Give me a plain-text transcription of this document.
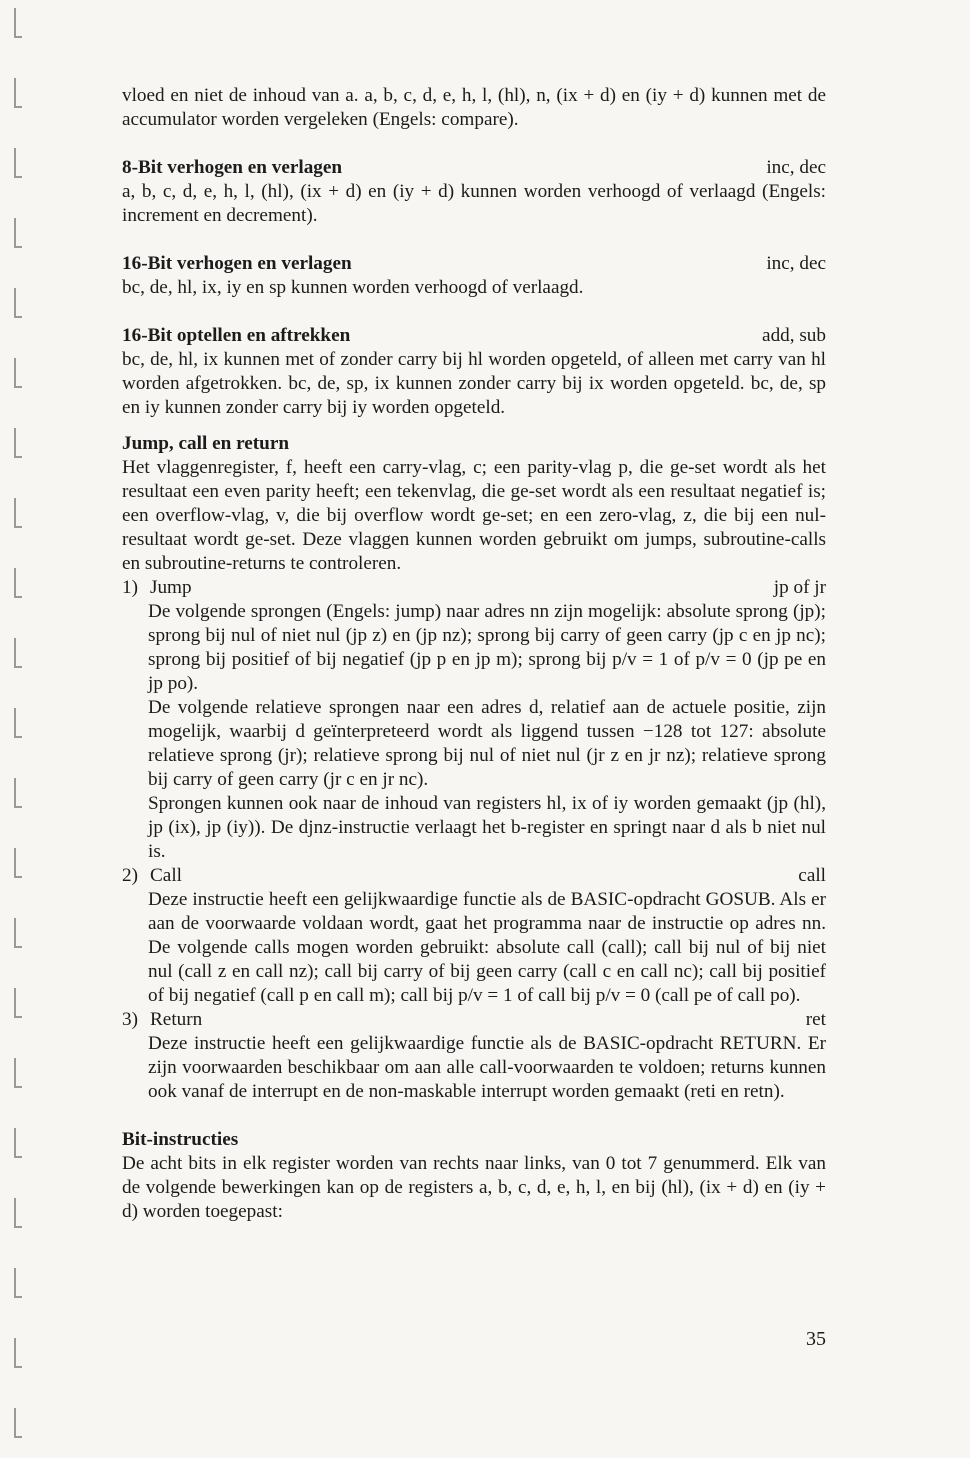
vloed en niet de inhoud van a. a, b, c, d, e, h, l, (hl), n, (ix + d) en (iy + d) kunnen met de accumulator worden vergeleken (Engels: compare).

8-Bit verhogen en verlagen	inc, dec

a, b, c, d, e, h, l, (hl), (ix + d) en (iy + d) kunnen worden verhoogd of verlaagd (Engels: increment en decrement).

16-Bit verhogen en verlagen	inc, dec

bc, de, hl, ix, iy en sp kunnen worden verhoogd of verlaagd.

16-Bit optellen en aftrekken	add, sub

bc, de, hl, ix kunnen met of zonder carry bij hl worden opgeteld, of alleen met carry van hl worden afgetrokken. bc, de, sp, ix kunnen zonder carry bij ix worden opgeteld. bc, de, sp en iy kunnen zonder carry bij iy worden opgeteld.

Jump, call en return

Het vlaggenregister, f, heeft een carry-vlag, c; een parity-vlag p, die ge-set wordt als het resultaat een even parity heeft; een tekenvlag, die ge-set wordt als een resultaat negatief is; een overflow-vlag, v, die bij overflow wordt ge-set; en een zero-vlag, z, die bij een nul-resultaat wordt ge-set. Deze vlaggen kunnen worden gebruikt om jumps, subroutine-calls en subroutine-returns te controleren.

1) Jump	jp of jr

De volgende sprongen (Engels: jump) naar adres nn zijn mogelijk: absolute sprong (jp); sprong bij nul of niet nul (jp z) en (jp nz); sprong bij carry of geen carry (jp c en jp nc); sprong bij positief of bij negatief (jp p en jp m); sprong bij p/v = 1 of p/v = 0 (jp pe en jp po).

De volgende relatieve sprongen naar een adres d, relatief aan de actuele positie, zijn mogelijk, waarbij d geïnterpreteerd wordt als liggend tussen −128 tot 127: absolute relatieve sprong (jr); relatieve sprong bij nul of niet nul (jr z en jr nz); relatieve sprong bij carry of geen carry (jr c en jr nc).

Sprongen kunnen ook naar de inhoud van registers hl, ix of iy worden gemaakt (jp (hl), jp (ix), jp (iy)). De djnz-instructie verlaagt het b-register en springt naar d als b niet nul is.

2) Call	call

Deze instructie heeft een gelijkwaardige functie als de BASIC-opdracht GOSUB. Als er aan de voorwaarde voldaan wordt, gaat het programma naar de instructie op adres nn. De volgende calls mogen worden gebruikt: absolute call (call); call bij nul of bij niet nul (call z en call nz); call bij carry of bij geen carry (call c en call nc); call bij positief of bij negatief (call p en call m); call bij p/v = 1 of call bij p/v = 0 (call pe of call po).

3) Return	ret

Deze instructie heeft een gelijkwaardige functie als de BASIC-opdracht RETURN. Er zijn voorwaarden beschikbaar om aan alle call-voorwaarden te voldoen; returns kunnen ook vanaf de interrupt en de non-maskable interrupt worden gemaakt (reti en retn).

Bit-instructies

De acht bits in elk register worden van rechts naar links, van 0 tot 7 genummerd. Elk van de volgende bewerkingen kan op de registers a, b, c, d, e, h, l, en bij (hl), (ix + d) en (iy + d) worden toegepast:

35
